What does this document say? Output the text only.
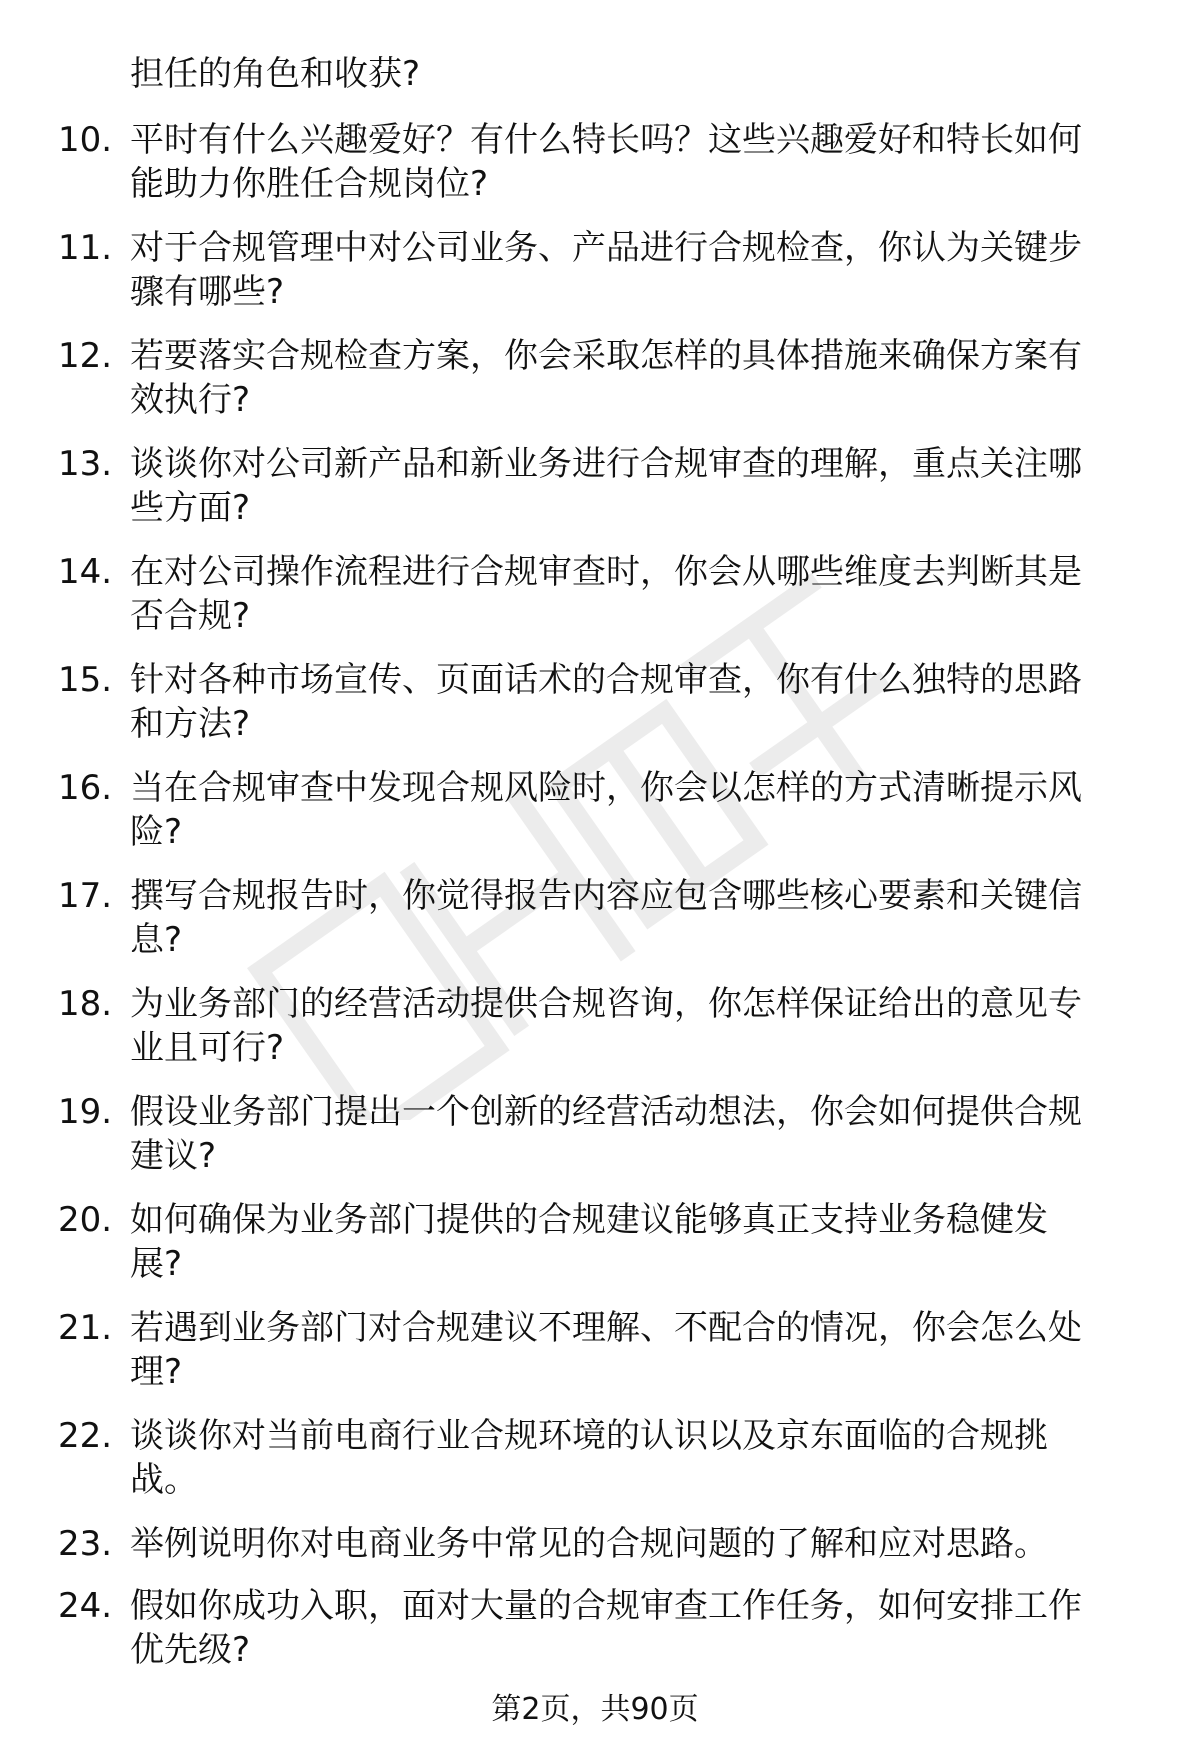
担任的角色和收获?
10. 平时有什么兴趣爱好？有什么特长吗？这些兴趣爱好和特长如何
能助力你胜任合规岗位?
11. 对于合规管理中对公司业务、产品进行合规检查，你认为关键步
骤有哪些?
12. 若要落实合规检查方案，你会采取怎样的具体措施来确保方案有
效执行?
13. 谈谈你对公司新产品和新业务进行合规审查的理解，重点关注哪
些方面?
14. 在对公司操作流程进行合规审查时，你会从哪些维度去判断其是
否合规?
15. 针对各种市场宣传、页面话术的合规审查，你有什么独特的思路
和方法?
16. 当在合规审查中发现合规风险时，你会以怎样的方式清晰提示风
险?
17. 撰写合规报告时，你觉得报告内容应包含哪些核心要素和关键信
息?
18. 为业务部门的经营活动提供合规咨询，你怎样保证给出的意见专
业且可行?
19. 假设业务部门提出一个创新的经营活动想法，你会如何提供合规
建议?
20. 如何确保为业务部门提供的合规建议能够真正支持业务稳健发
展?
21. 若遇到业务部门对合规建议不理解、不配合的情况，你会怎么处
理?
22. 谈谈你对当前电商行业合规环境的认识以及京东面临的合规挑
战。
23. 举例说明你对电商业务中常见的合规问题的了解和应对思路。
24. 假如你成功入职，面对大量的合规审查工作任务，如何安排工作
优先级?
第2页，共90页
